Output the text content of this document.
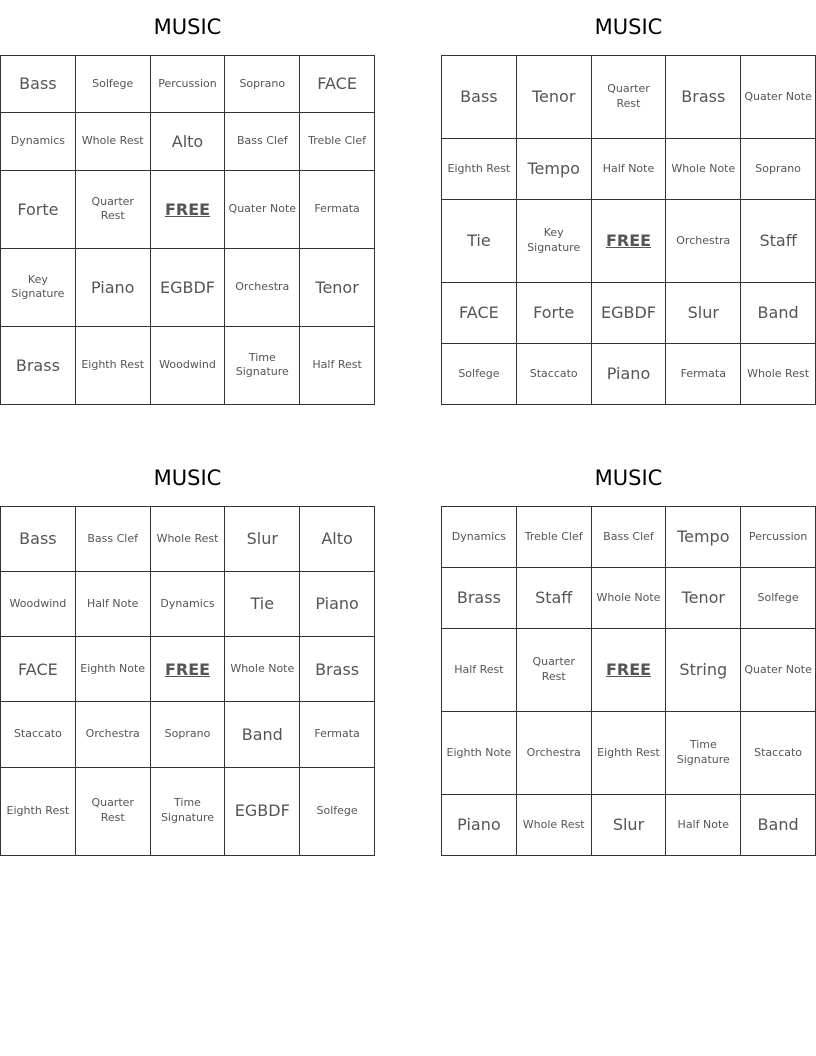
MUSIC
Bass	Solfege	Percussion	Soprano	FACE
Dynamics	Whole Rest	Alto	Bass Clef	Treble Clef
Forte	Quarter Rest	FREE	Quater Note	Fermata
Key Signature	Piano	EGBDF	Orchestra	Tenor
Brass	Eighth Rest	Woodwind	Time Signature	Half Rest
MUSIC
Bass	Tenor	Quarter Rest	Brass	Quater Note
Eighth Rest	Tempo	Half Note	Whole Note	Soprano
Tie	Key Signature	FREE	Orchestra	Staff
FACE	Forte	EGBDF	Slur	Band
Solfege	Staccato	Piano	Fermata	Whole Rest
MUSIC
Bass	Bass Clef	Whole Rest	Slur	Alto
Woodwind	Half Note	Dynamics	Tie	Piano
FACE	Eighth Note	FREE	Whole Note	Brass
Staccato	Orchestra	Soprano	Band	Fermata
Eighth Rest	Quarter Rest	Time Signature	EGBDF	Solfege
MUSIC
Dynamics	Treble Clef	Bass Clef	Tempo	Percussion
Brass	Staff	Whole Note	Tenor	Solfege
Half Rest	Quarter Rest	FREE	String	Quater Note
Eighth Note	Orchestra	Eighth Rest	Time Signature	Staccato
Piano	Whole Rest	Slur	Half Note	Band
